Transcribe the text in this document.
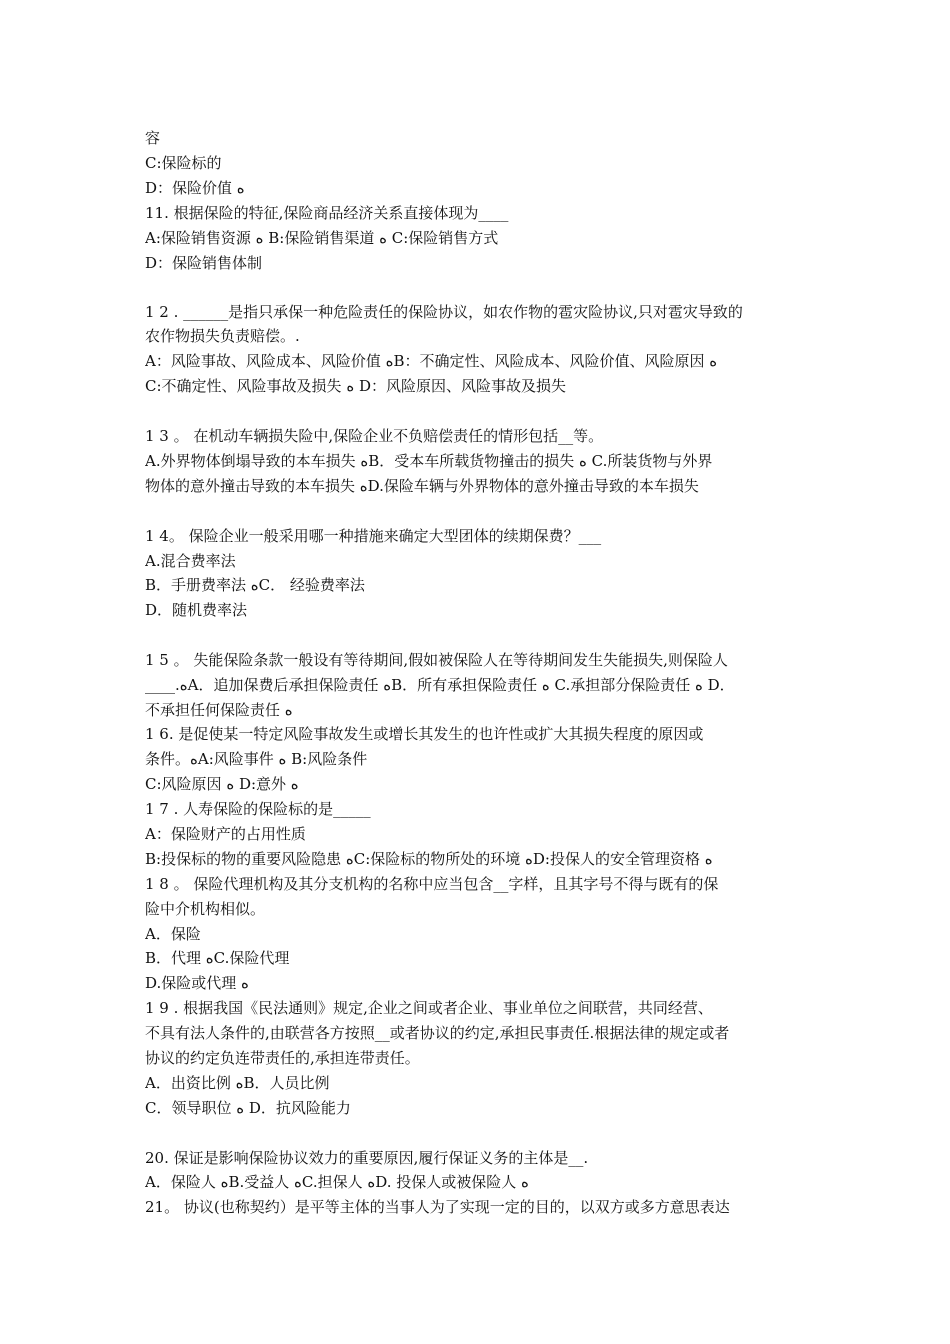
容
C:保险标的
D：保险价值 ﻩ
11. 根据保险的特征,保险商品经济关系直接体现为____
A:保险销售资源 ﻩ B:保险销售渠道 ﻩ C:保险销售方式
D：保险销售体制
1 2 . ______是指只承保一种危险责任的保险协议，如农作物的雹灾险协议,只对雹灾导致的
农作物损失负责赔偿。.
A：风险事故、风险成本、风险价值 ﻩB：不确定性、风险成本、风险价值、风险原因 ﻩ
C:不确定性、风险事故及损失 ﻩ D：风险原因、风险事故及损失
1 3 。 在机动车辆损失险中,保险企业不负赔偿责任的情形包括__等。
A.外界物体倒塌导致的本车损失 ﻩB．受本车所载货物撞击的损失 ﻩ C.所装货物与外界
物体的意外撞击导致的本车损失 ﻩD.保险车辆与外界物体的意外撞击导致的本车损失
1 4。 保险企业一般采用哪一种措施来确定大型团体的续期保费？___
A.混合费率法
B．手册费率法 ﻩC． 经验费率法
D．随机费率法
1 5 。 失能保险条款一般设有等待期间,假如被保险人在等待期间发生失能损失,则保险人
____.ﻩA．追加保费后承担保险责任 ﻩB．所有承担保险责任 ﻩ C.承担部分保险责任 ﻩ D．
不承担任何保险责任 ﻩ
1 6. 是促使某一特定风险事故发生或增长其发生的也许性或扩大其损失程度的原因或
条件。ﻩA:风险事件 ﻩ B:风险条件
C:风险原因 ﻩ D:意外 ﻩ
1 7 . 人寿保险的保险标的是_____
A：保险财产的占用性质
B:投保标的物的重要风险隐患 ﻩC:保险标的物所处的环境 ﻩD:投保人的安全管理资格 ﻩ
1 8 。 保险代理机构及其分支机构的名称中应当包含__字样，且其字号不得与既有的保
险中介机构相似。
A．保险
B．代理 ﻩC.保险代理
D.保险或代理 ﻩ
1 9 . 根据我国《民法通则》规定,企业之间或者企业、事业单位之间联营，共同经营、
不具有法人条件的,由联营各方按照__或者协议的约定,承担民事责任.根据法律的规定或者
协议的约定负连带责任的,承担连带责任。
A．出资比例 ﻩB．人员比例
C．领导职位 ﻩ D．抗风险能力
20. 保证是影响保险协议效力的重要原因,履行保证义务的主体是__.
A．保险人 ﻩB.受益人 ﻩC.担保人 ﻩD. 投保人或被保险人 ﻩ
21。 协议(也称契约）是平等主体的当事人为了实现一定的目的，以双方或多方意思表达
